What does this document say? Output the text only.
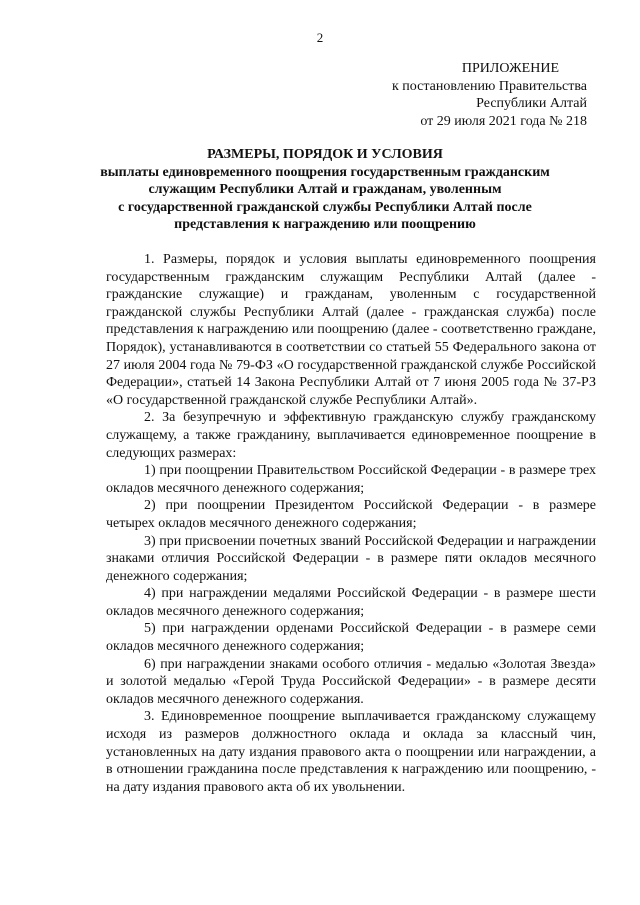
2
ПРИЛОЖЕНИЕ
к постановлению Правительства
Республики Алтай
от 29 июля 2021 года № 218
РАЗМЕРЫ, ПОРЯДОК И УСЛОВИЯ
выплаты единовременного поощрения государственным гражданским
служащим Республики Алтай и гражданам, уволенным
с государственной гражданской службы Республики Алтай после
представления к награждению или поощрению

1. Размеры, порядок и условия выплаты единовременного поощрения государственным гражданским служащим Республики Алтай (далее - гражданские служащие) и гражданам, уволенным с государственной гражданской службы Республики Алтай (далее - гражданская служба) после представления к награждению или поощрению (далее - соответственно граждане, Порядок), устанавливаются в соответствии со статьей 55 Федерального закона от 27 июля 2004 года № 79-ФЗ «О государственной гражданской службе Российской Федерации», статьей 14 Закона Республики Алтай от 7 июня 2005 года № 37-РЗ «О государственной гражданской службе Республики Алтай».

2. За безупречную и эффективную гражданскую службу гражданскому служащему, а также гражданину, выплачивается единовременное поощрение в следующих размерах:

1) при поощрении Правительством Российской Федерации - в размере трех окладов месячного денежного содержания;

2) при поощрении Президентом Российской Федерации - в размере четырех окладов месячного денежного содержания;

3) при присвоении почетных званий Российской Федерации и награждении знаками отличия Российской Федерации - в размере пяти окладов месячного денежного содержания;

4) при награждении медалями Российской Федерации - в размере шести окладов месячного денежного содержания;

5) при награждении орденами Российской Федерации - в размере семи окладов месячного денежного содержания;

6) при награждении знаками особого отличия - медалью «Золотая Звезда» и золотой медалью «Герой Труда Российской Федерации» - в размере десяти окладов месячного денежного содержания.

3. Единовременное поощрение выплачивается гражданскому служащему исходя из размеров должностного оклада и оклада за классный чин, установленных на дату издания правового акта о поощрении или награждении, а в отношении гражданина после представления к награждению или поощрению, - на дату издания правового акта об их увольнении.
